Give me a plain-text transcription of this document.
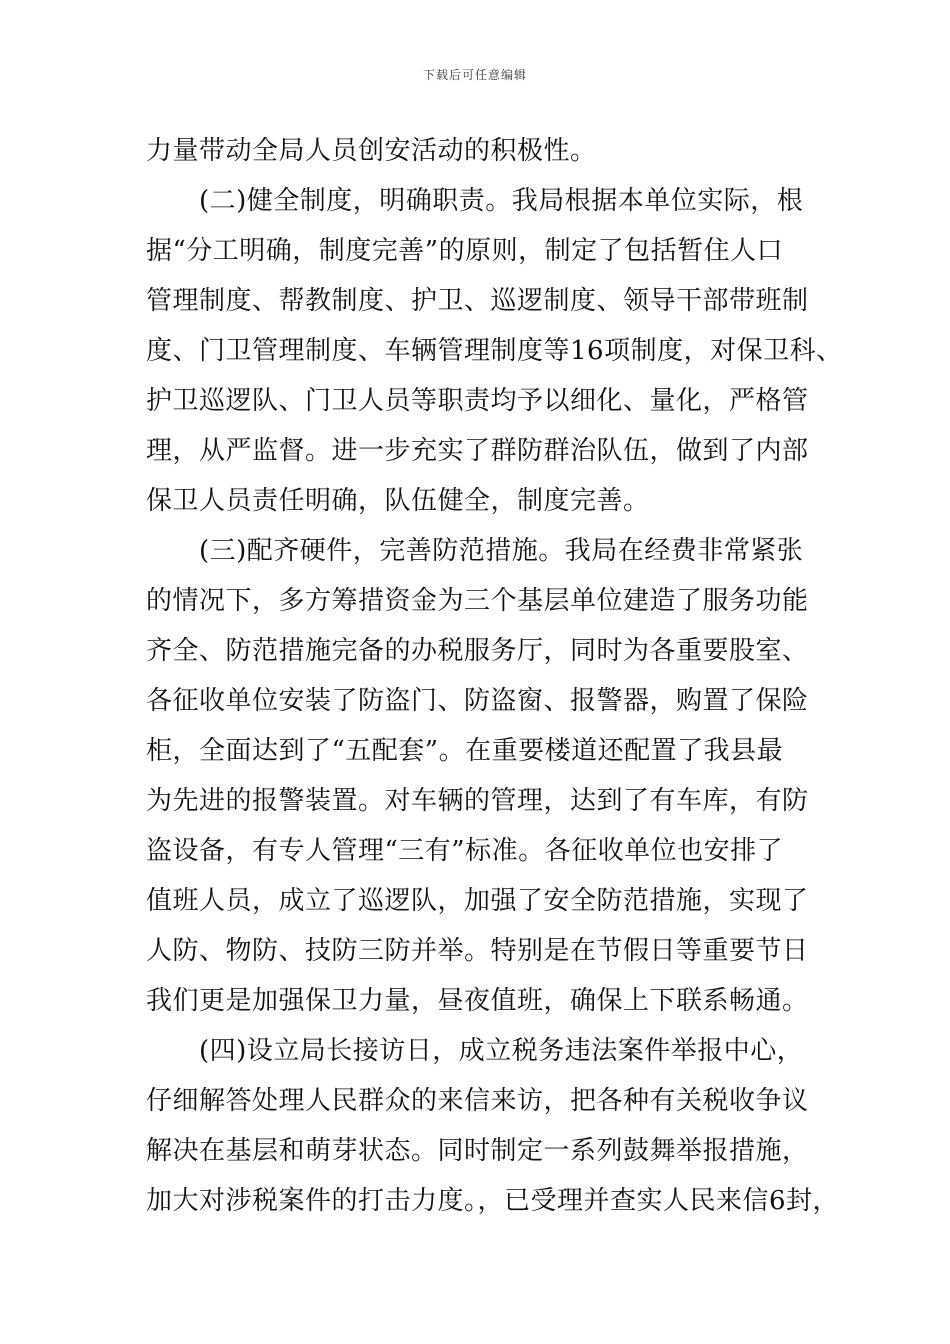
下载后可任意编辑
力量带动全局人员创安活动的积极性。
(二)健全制度，明确职责。我局根据本单位实际，根
据“分工明确，制度完善”的原则，制定了包括暂住人口
管理制度、帮教制度、护卫、巡逻制度、领导干部带班制
度、门卫管理制度、车辆管理制度等16项制度，对保卫科、
护卫巡逻队、门卫人员等职责均予以细化、量化，严格管
理，从严监督。进一步充实了群防群治队伍，做到了内部
保卫人员责任明确，队伍健全，制度完善。
(三)配齐硬件，完善防范措施。我局在经费非常紧张
的情况下，多方筹措资金为三个基层单位建造了服务功能
齐全、防范措施完备的办税服务厅，同时为各重要股室、
各征收单位安装了防盗门、防盗窗、报警器，购置了保险
柜，全面达到了“五配套”。在重要楼道还配置了我县最
为先进的报警装置。对车辆的管理，达到了有车库，有防
盗设备，有专人管理“三有”标准。各征收单位也安排了
值班人员，成立了巡逻队，加强了安全防范措施，实现了
人防、物防、技防三防并举。特别是在节假日等重要节日
我们更是加强保卫力量，昼夜值班，确保上下联系畅通。
(四)设立局长接访日，成立税务违法案件举报中心，
仔细解答处理人民群众的来信来访，把各种有关税收争议
解决在基层和萌芽状态。同时制定一系列鼓舞举报措施，
加大对涉税案件的打击力度。，已受理并查实人民来信6封，
